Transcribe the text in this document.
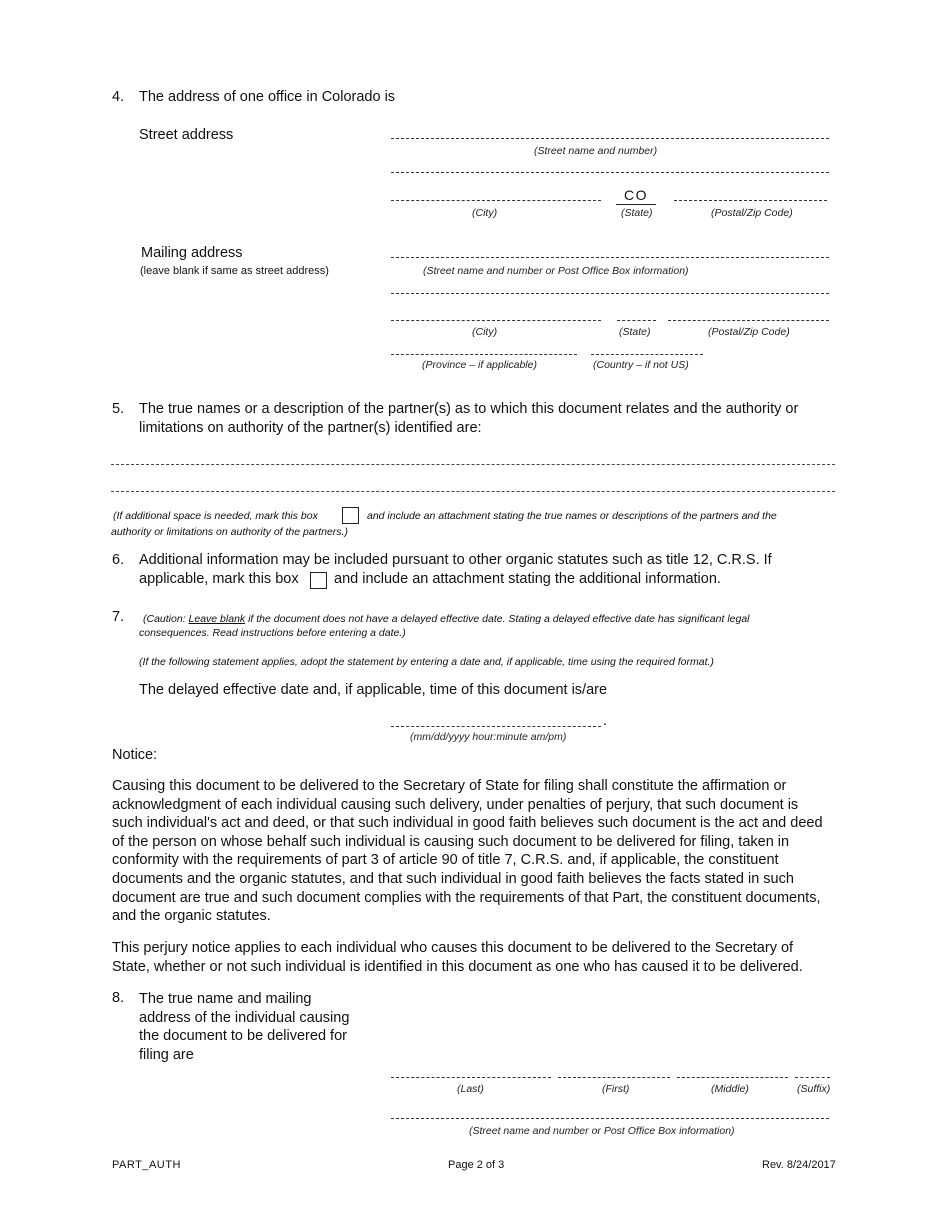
4. The address of one office in Colorado is
Street address
(Street name and number)
CO
(City)	(State)	(Postal/Zip Code)
Mailing address
(leave blank if same as street address)	(Street name and number or Post Office Box information)
(City)	(State)	(Postal/Zip Code)
(Province – if applicable)	(Country – if not US)
5. The true names or a description of the partner(s) as to which this document relates and the authority or
limitations on authority of the partner(s) identified are:
(If additional space is needed, mark this box	and include an attachment stating the true names or descriptions of the partners and the
authority or limitations on authority of the partners.)
6. Additional information may be included pursuant to other organic statutes such as title 12, C.R.S. If
applicable, mark this box and include an attachment stating the additional information.
7. (Caution: Leave blank if the document does not have a delayed effective date. Stating a delayed effective date has significant legal
consequences. Read instructions before entering a date.)
(If the following statement applies, adopt the statement by entering a date and, if applicable, time using the required format.)
The delayed effective date and, if applicable, time of this document is/are
.
(mm/dd/yyyy hour:minute am/pm)
Notice:
Causing this document to be delivered to the Secretary of State for filing shall constitute the affirmation or
acknowledgment of each individual causing such delivery, under penalties of perjury, that such document is
such individual's act and deed, or that such individual in good faith believes such document is the act and deed
of the person on whose behalf such individual is causing such document to be delivered for filing, taken in
conformity with the requirements of part 3 of article 90 of title 7, C.R.S. and, if applicable, the constituent
documents and the organic statutes, and that such individual in good faith believes the facts stated in such
document are true and such document complies with the requirements of that Part, the constituent documents,
and the organic statutes.
This perjury notice applies to each individual who causes this document to be delivered to the Secretary of
State, whether or not such individual is identified in this document as one who has caused it to be delivered.
8. The true name and mailing
address of the individual causing
the document to be delivered for
filing are
(Last)	(First)	(Middle)	(Suffix)
(Street name and number or Post Office Box information)
PART_AUTH	Page 2 of 3	Rev. 8/24/2017
